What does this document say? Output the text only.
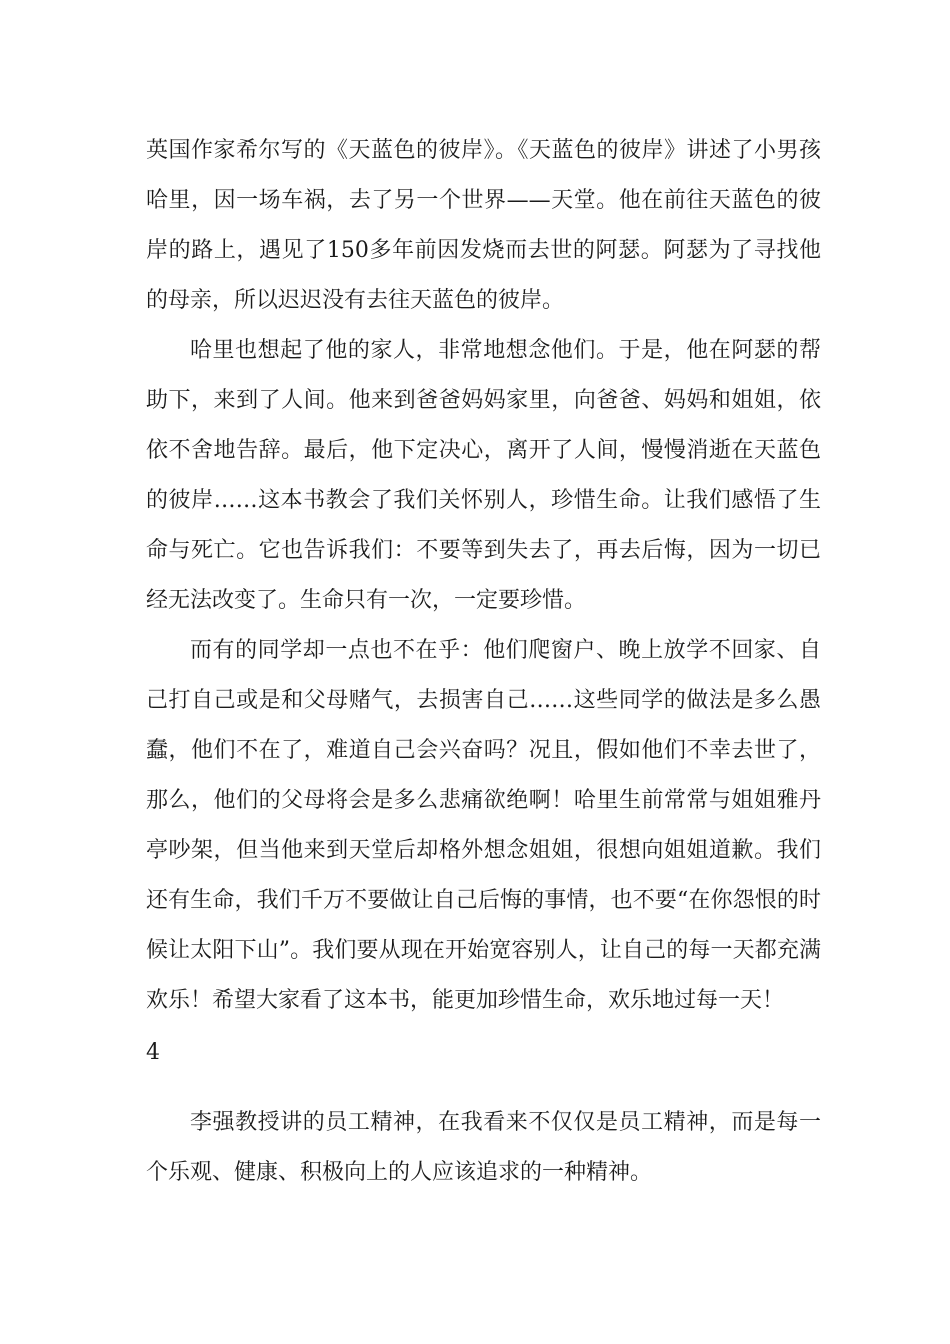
英国作家希尔写的《天蓝色的彼岸》。《天蓝色的彼岸》讲述了小男孩哈里，因一场车祸，去了另一个世界——天堂。他在前往天蓝色的彼岸的路上，遇见了150多年前因发烧而去世的阿瑟。阿瑟为了寻找他的母亲，所以迟迟没有去往天蓝色的彼岸。

哈里也想起了他的家人，非常地想念他们。于是，他在阿瑟的帮助下，来到了人间。他来到爸爸妈妈家里，向爸爸、妈妈和姐姐，依依不舍地告辞。最后，他下定决心，离开了人间，慢慢消逝在天蓝色的彼岸……这本书教会了我们关怀别人，珍惜生命。让我们感悟了生命与死亡。它也告诉我们：不要等到失去了，再去后悔，因为一切已经无法改变了。生命只有一次，一定要珍惜。

而有的同学却一点也不在乎：他们爬窗户、晚上放学不回家、自己打自己或是和父母赌气，去损害自己……这些同学的做法是多么愚蠢，他们不在了，难道自己会兴奋吗？况且，假如他们不幸去世了，那么，他们的父母将会是多么悲痛欲绝啊！哈里生前常常与姐姐雅丹亭吵架，但当他来到天堂后却格外想念姐姐，很想向姐姐道歉。我们还有生命，我们千万不要做让自己后悔的事情，也不要“在你怨恨的时候让太阳下山”。我们要从现在开始宽容别人，让自己的每一天都充满欢乐！希望大家看了这本书，能更加珍惜生命，欢乐地过每一天！

4

李强教授讲的员工精神，在我看来不仅仅是员工精神，而是每一个乐观、健康、积极向上的人应该追求的一种精神。
